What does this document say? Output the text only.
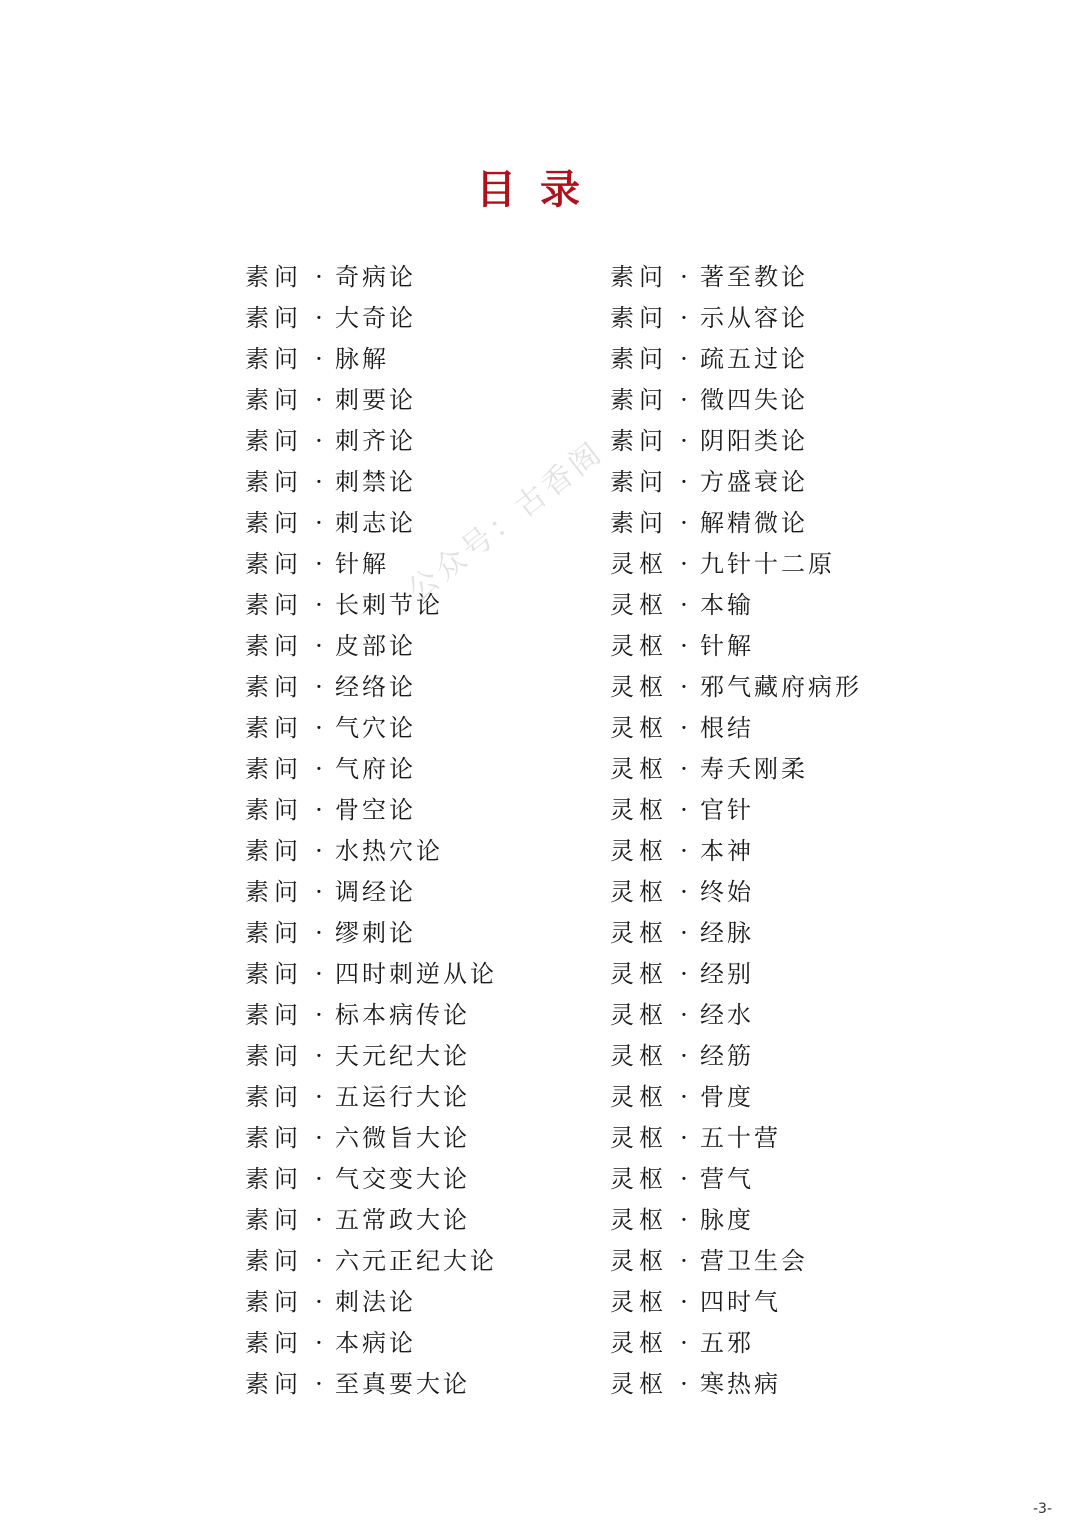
目录
素问 · 奇病论
素问 · 大奇论
素问 · 脉解
素问 · 刺要论
素问 · 刺齐论
素问 · 刺禁论
素问 · 刺志论
素问 · 针解
素问 · 长刺节论
素问 · 皮部论
素问 · 经络论
素问 · 气穴论
素问 · 气府论
素问 · 骨空论
素问 · 水热穴论
素问 · 调经论
素问 · 缪刺论
素问 · 四时刺逆从论
素问 · 标本病传论
素问 · 天元纪大论
素问 · 五运行大论
素问 · 六微旨大论
素问 · 气交变大论
素问 · 五常政大论
素问 · 六元正纪大论
素问 · 刺法论
素问 · 本病论
素问 · 至真要大论
素问 · 著至教论
素问 · 示从容论
素问 · 疏五过论
素问 · 徵四失论
素问 · 阴阳类论
素问 · 方盛衰论
素问 · 解精微论
灵枢 · 九针十二原
灵枢 · 本输
灵枢 · 针解
灵枢 · 邪气藏府病形
灵枢 · 根结
灵枢 · 寿夭刚柔
灵枢 · 官针
灵枢 · 本神
灵枢 · 终始
灵枢 · 经脉
灵枢 · 经别
灵枢 · 经水
灵枢 · 经筋
灵枢 · 骨度
灵枢 · 五十营
灵枢 · 营气
灵枢 · 脉度
灵枢 · 营卫生会
灵枢 · 四时气
灵枢 · 五邪
灵枢 · 寒热病
公众号：古香阁
-3-
